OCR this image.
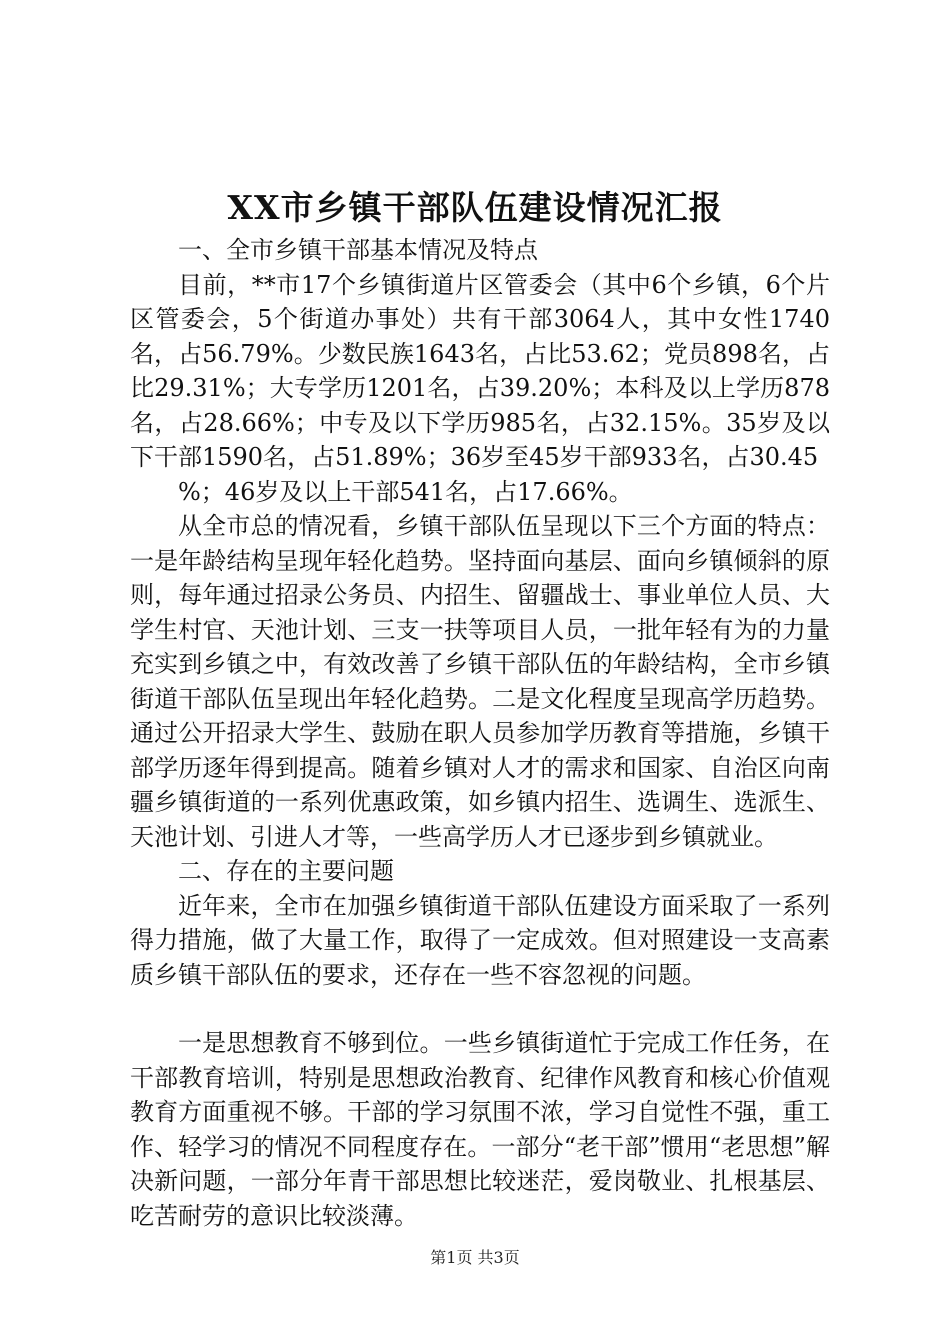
XX市乡镇干部队伍建设情况汇报

一、全市乡镇干部基本情况及特点

目前，**市17个乡镇街道片区管委会（其中6个乡镇，6个片区管委会，5个街道办事处）共有干部3064人，其中女性1740名，占56.79%。少数民族1643名，占比53.62；党员898名，占比29.31%；大专学历1201名，占39.20%；本科及以上学历878名，占28.66%；中专及以下学历985名，占32.15%。35岁及以下干部1590名，占51.89%；36岁至45岁干部933名，占30.45

%；46岁及以上干部541名，占17.66%。

从全市总的情况看，乡镇干部队伍呈现以下三个方面的特点：一是年龄结构呈现年轻化趋势。坚持面向基层、面向乡镇倾斜的原则，每年通过招录公务员、内招生、留疆战士、事业单位人员、大学生村官、天池计划、三支一扶等项目人员，一批年轻有为的力量充实到乡镇之中，有效改善了乡镇干部队伍的年龄结构，全市乡镇街道干部队伍呈现出年轻化趋势。二是文化程度呈现高学历趋势。通过公开招录大学生、鼓励在职人员参加学历教育等措施，乡镇干部学历逐年得到提高。随着乡镇对人才的需求和国家、自治区向南疆乡镇街道的一系列优惠政策，如乡镇内招生、选调生、选派生、天池计划、引进人才等，一些高学历人才已逐步到乡镇就业。

二、存在的主要问题

近年来，全市在加强乡镇街道干部队伍建设方面采取了一系列得力措施，做了大量工作，取得了一定成效。但对照建设一支高素质乡镇干部队伍的要求，还存在一些不容忽视的问题。

一是思想教育不够到位。一些乡镇街道忙于完成工作任务，在干部教育培训，特别是思想政治教育、纪律作风教育和核心价值观教育方面重视不够。干部的学习氛围不浓，学习自觉性不强，重工作、轻学习的情况不同程度存在。一部分“老干部”惯用“老思想”解决新问题，一部分年青干部思想比较迷茫，爱岗敬业、扎根基层、吃苦耐劳的意识比较淡薄。

第1页 共3页
